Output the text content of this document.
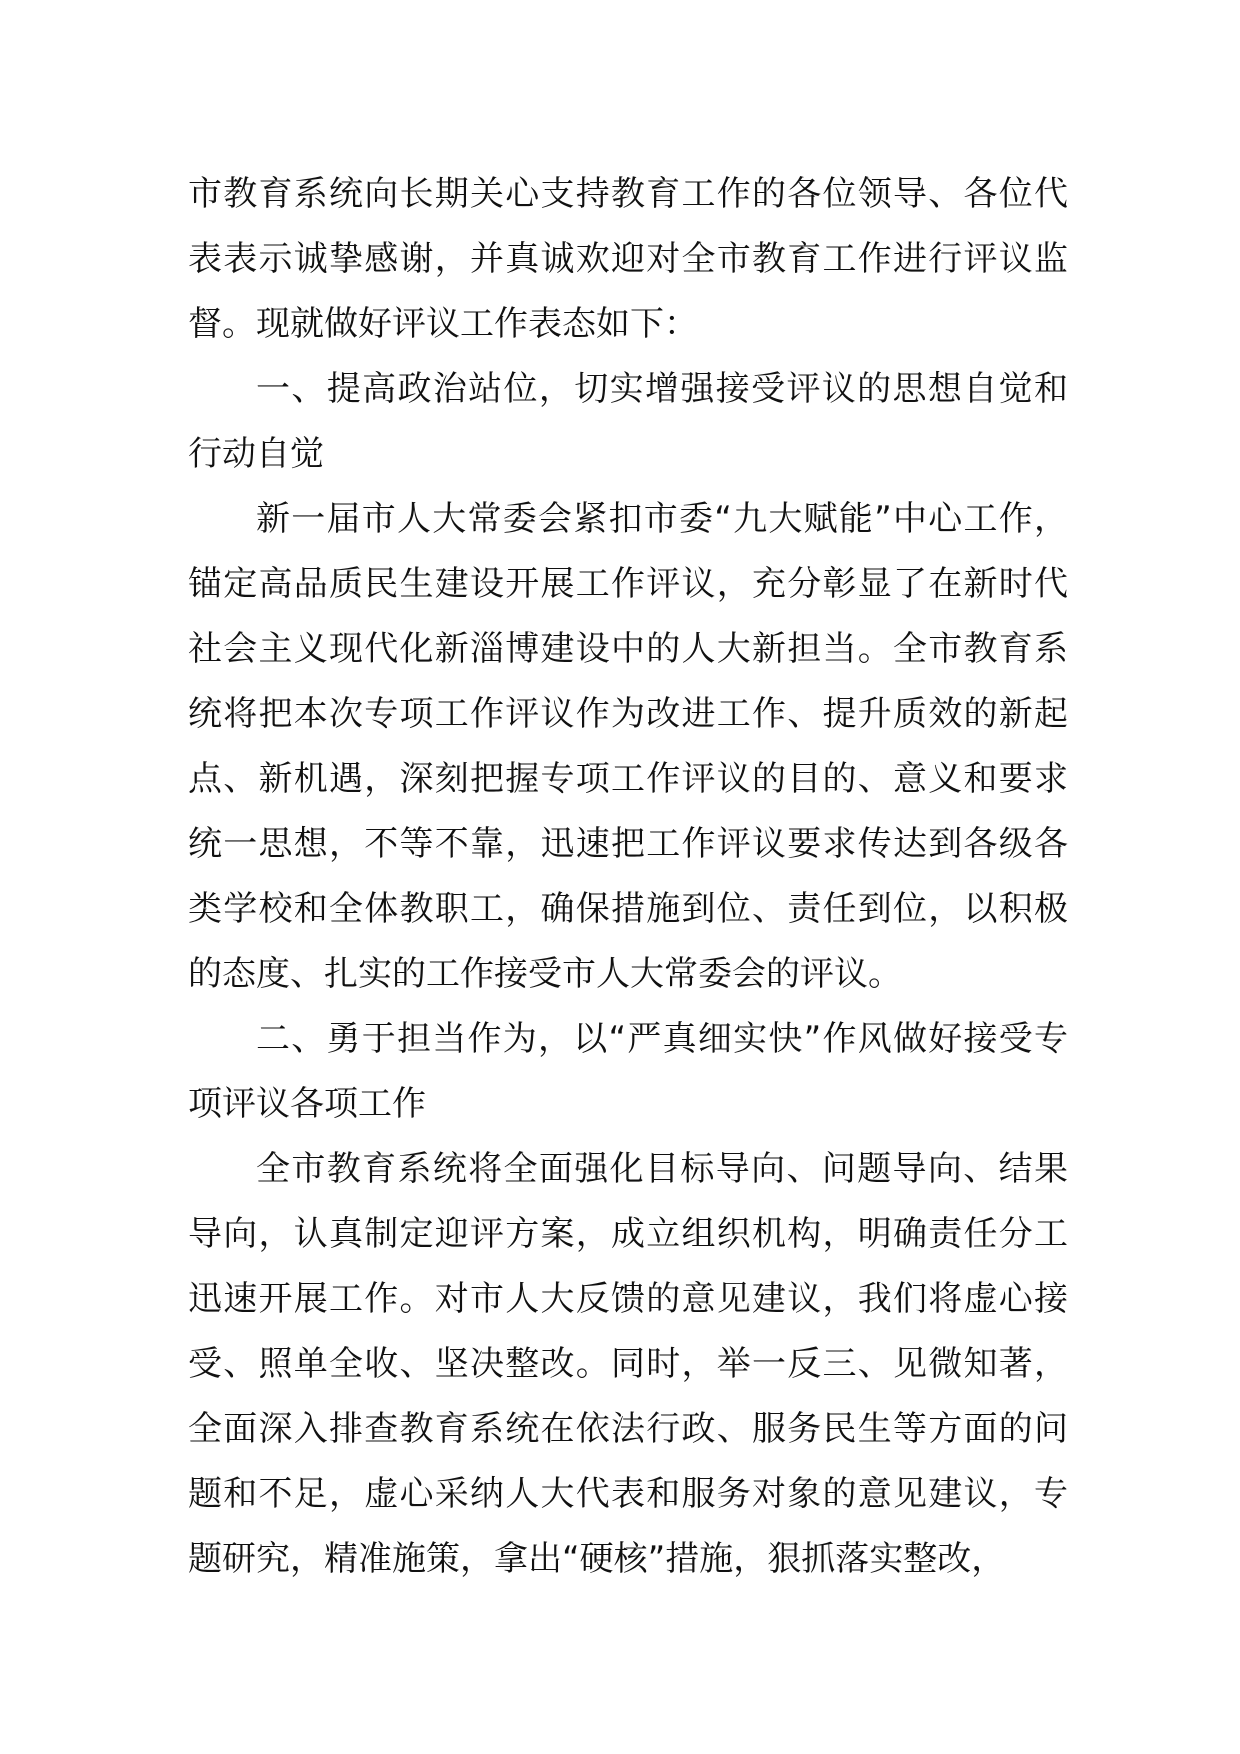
市教育系统向长期关心支持教育工作的各位领导、各位代表表示诚挚感谢，并真诚欢迎对全市教育工作进行评议监督。现就做好评议工作表态如下：

一、提高政治站位，切实增强接受评议的思想自觉和行动自觉

新一届市人大常委会紧扣市委“九大赋能”中心工作，锚定高品质民生建设开展工作评议，充分彰显了在新时代社会主义现代化新淄博建设中的人大新担当。全市教育系统将把本次专项工作评议作为改进工作、提升质效的新起点、新机遇，深刻把握专项工作评议的目的、意义和要求统一思想，不等不靠，迅速把工作评议要求传达到各级各类学校和全体教职工，确保措施到位、责任到位，以积极的态度、扎实的工作接受市人大常委会的评议。

二、勇于担当作为，以“严真细实快”作风做好接受专项评议各项工作

全市教育系统将全面强化目标导向、问题导向、结果导向，认真制定迎评方案，成立组织机构，明确责任分工迅速开展工作。对市人大反馈的意见建议，我们将虚心接受、照单全收、坚决整改。同时，举一反三、见微知著，全面深入排查教育系统在依法行政、服务民生等方面的问题和不足，虚心采纳人大代表和服务对象的意见建议，专题研究，精准施策，拿出“硬核”措施，狠抓落实整改，
